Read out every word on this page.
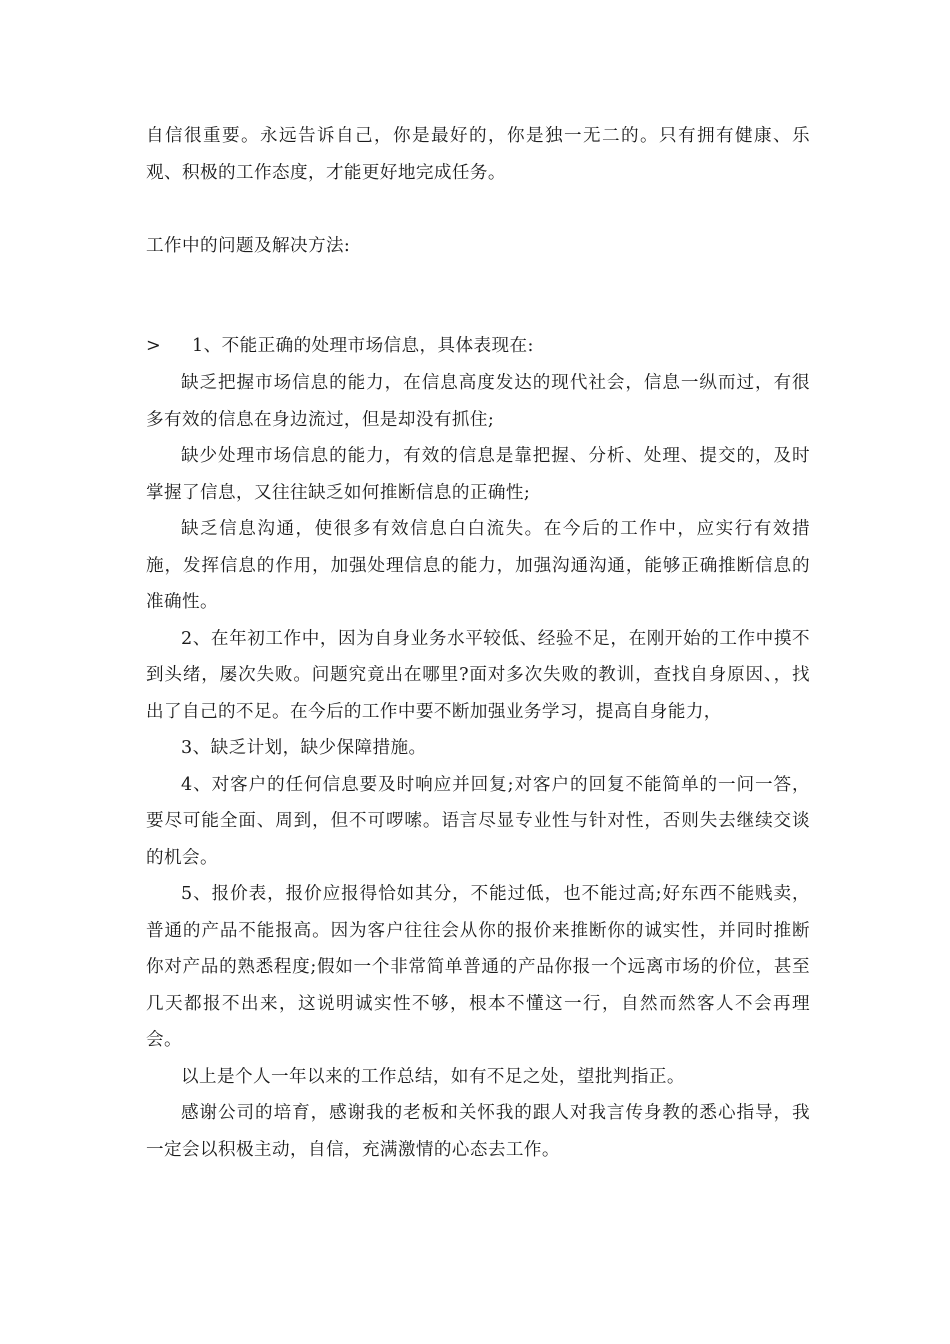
自信很重要。永远告诉自己，你是最好的，你是独一无二的。只有拥有健康、乐观、积极的工作态度，才能更好地完成任务。

工作中的问题及解决方法:

> 1、不能正确的处理市场信息，具体表现在:

缺乏把握市场信息的能力，在信息高度发达的现代社会，信息一纵而过，有很多有效的信息在身边流过，但是却没有抓住;

缺少处理市场信息的能力，有效的信息是靠把握、分析、处理、提交的，及时掌握了信息，又往往缺乏如何推断信息的正确性;

缺乏信息沟通，使很多有效信息白白流失。在今后的工作中，应实行有效措施，发挥信息的作用，加强处理信息的能力，加强沟通沟通，能够正确推断信息的准确性。

2、在年初工作中，因为自身业务水平较低、经验不足，在刚开始的工作中摸不到头绪，屡次失败。问题究竟出在哪里?面对多次失败的教训，查找自身原因、，找出了自己的不足。在今后的工作中要不断加强业务学习，提高自身能力，

3、缺乏计划，缺少保障措施。

4、对客户的任何信息要及时响应并回复;对客户的回复不能简单的一问一答，要尽可能全面、周到，但不可啰嗦。语言尽显专业性与针对性，否则失去继续交谈的机会。

5、报价表，报价应报得恰如其分，不能过低，也不能过高;好东西不能贱卖，普通的产品不能报高。因为客户往往会从你的报价来推断你的诚实性，并同时推断你对产品的熟悉程度;假如一个非常简单普通的产品你报一个远离市场的价位，甚至几天都报不出来，这说明诚实性不够，根本不懂这一行，自然而然客人不会再理会。

以上是个人一年以来的工作总结，如有不足之处，望批判指正。

感谢公司的培育，感谢我的老板和关怀我的跟人对我言传身教的悉心指导，我一定会以积极主动，自信，充满激情的心态去工作。
